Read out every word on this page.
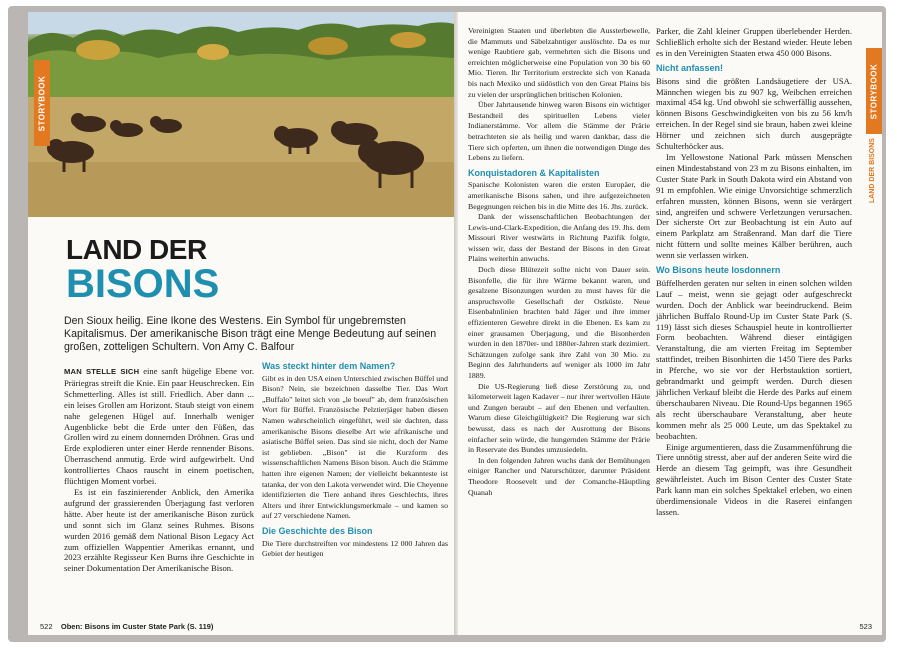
STORYBOOK
LAND DER
BISONS
Den Sioux heilig. Eine Ikone des Westens. Ein Symbol für ungebremsten Kapitalismus. Der amerikanische Bison trägt eine Menge Bedeutung auf seinen großen, zotteligen Schultern. Von Amy C. Balfour

MAN STELLE SICH eine sanft hügelige Ebene vor. Präriegras streift die Knie. Ein paar Heuschrecken. Ein Schmetterling. Alles ist still. Friedlich. Aber dann ... ein leises Grollen am Horizont. Staub steigt von einem nahe gelegenen Hügel auf. Innerhalb weniger Augenblicke bebt die Erde unter den Füßen, das Grollen wird zu einem donnernden Dröhnen. Gras und Erde explodieren unter einer Herde rennender Bisons. Überraschend anmutig. Erde wird aufgewirbelt. Und kontrolliertes Chaos rauscht in einem poetischen, flüchtigen Moment vorbei.

Es ist ein faszinierender Anblick, den Amerika aufgrund der grassierenden Überjagung fast verloren hätte. Aber heute ist der amerikanische Bison zurück und sonnt sich im Glanz seines Ruhmes. Bisons wurden 2016 gemäß dem National Bison Legacy Act zum offiziellen Wappentier Amerikas ernannt, und 2023 erzählte Regisseur Ken Burns ihre Geschichte in seiner Dokumentation Der Amerikanische Bison.

Was steckt hinter dem Namen?

Gibt es in den USA einen Unterschied zwischen Büffel und Bison? Nein, sie bezeichnen dasselbe Tier. Das Wort „Buffalo" leitet sich von „le boeuf" ab, dem französischen Wort für Büffel. Französische Pelztierjäger haben diesen Namen wahrscheinlich eingeführt, weil sie dachten, dass amerikanische Bisons dieselbe Art wie afrikanische und asiatische Büffel seien. Das sind sie nicht, doch der Name ist geblieben. „Bison" ist die Kurzform des wissenschaftlichen Namens Bison bison. Auch die Stämme hatten ihre eigenen Namen; der vielleicht bekannteste ist tatanka, der von den Lakota verwendet wird. Die Cheyenne identifizierten die Tiere anhand ihres Geschlechts, ihres Alters und ihrer Entwicklungsmerkmale – und kamen so auf 27 verschiedene Namen.

Die Geschichte des Bison

Die Tiere durchstreiften vor mindestens 12 000 Jahren das Gebiet der heutigen

522 Oben: Bisons im Custer State Park (S. 119)
STORYBOOK
LAND DER BISONS

Vereinigten Staaten und überlebten die Aussterbewelle, die Mammuts und Säbelzahntiger auslöschte. Da es nur wenige Raubtiere gab, vermehrten sich die Bisons und erreichten möglicherweise eine Population von 30 bis 60 Mio. Tieren. Ihr Territorium erstreckte sich von Kanada bis nach Mexiko und südöstlich von den Great Plains bis zu vielen der ursprünglichen britischen Kolonien.

Über Jahrtausende hinweg waren Bisons ein wichtiger Bestandteil des spirituellen Lebens vieler Indianerstämme. Vor allem die Stämme der Prärie betrachteten sie als heilig und waren dankbar, dass die Tiere sich opferten, um ihnen die notwendigen Dinge des Lebens zu liefern.

Konquistadoren & Kapitalisten

Spanische Kolonisten waren die ersten Europäer, die amerikanische Bisons sahen, und ihre aufgezeichneten Begegnungen reichen bis in die Mitte des 16. Jhs. zurück.

Dank der wissenschaftlichen Beobachtungen der Lewis-und-Clark-Expedition, die Anfang des 19. Jhs. dem Missouri River westwärts in Richtung Pazifik folgte, wissen wir, dass der Bestand der Bisons in den Great Plains weiterhin anwuchs.

Doch diese Blütezeit sollte nicht von Dauer sein. Bisonfelle, die für ihre Wärme bekannt waren, und gesalzene Bisonzungen wurden zu must haves für die anspruchsvolle Gesellschaft der Ostküste. Neue Eisenbahnlinien brachten bald Jäger und ihre immer effizienteren Gewehre direkt in die Ebenen. Es kam zu einer grausamen Überjagung, und die Bisonherden wurden in den 1870er- und 1880er-Jahren stark dezimiert. Schätzungen zufolge sank ihre Zahl von 30 Mio. zu Beginn des Jahrhunderts auf weniger als 1000 im Jahr 1889.

Die US-Regierung ließ diese Zerstörung zu, und kilometerweit lagen Kadaver – nur ihrer wertvollen Häute und Zungen beraubt – auf den Ebenen und verfaulten. Warum diese Gleichgültigkeit? Die Regierung war sich bewusst, dass es nach der Ausrottung der Bisons einfacher sein würde, die hungernden Stämme der Prärie in Reservate des Bundes umzusiedeln.

In den folgenden Jahren wuchs dank der Bemühungen einiger Rancher und Naturschützer, darunter Präsident Theodore Roosevelt und der Comanche-Häuptling Quanah

Parker, die Zahl kleiner Gruppen überlebender Herden. Schließlich erholte sich der Bestand wieder. Heute leben es in den Vereinigten Staaten etwa 450 000 Bisons.

Nicht anfassen!

Bisons sind die größten Landsäugetiere der USA. Männchen wiegen bis zu 907 kg, Weibchen erreichen maximal 454 kg. Und obwohl sie schwerfällig aussehen, können Bisons Geschwindigkeiten von bis zu 56 km/h erreichen. In der Regel sind sie braun, haben zwei kleine Hörner und zeichnen sich durch ausgeprägte Schulterhöcker aus.

Im Yellowstone National Park müssen Menschen einen Mindestabstand von 23 m zu Bisons einhalten, im Custer State Park in South Dakota wird ein Abstand von 91 m empfohlen. Wie einige Unvorsichtige schmerzlich erfahren mussten, können Bisons, wenn sie verärgert sind, angreifen und schwere Verletzungen verursachen. Der sicherste Ort zur Beobachtung ist ein Auto auf einem Parkplatz am Straßenrand. Man darf die Tiere nicht füttern und sollte meines Kälber berühren, auch wenn sie verlassen wirken.

Wo Bisons heute losdonnern

Büffelherden geraten nur selten in einen solchen wilden Lauf – meist, wenn sie gejagt oder aufgeschreckt wurden. Doch der Anblick war beeindruckend. Beim jährlichen Buffalo Round-Up im Custer State Park (S. 119) lässt sich dieses Schauspiel heute in kontrollierter Form beobachten. Während dieser eintägigen Veranstaltung, die am vierten Freitag im September stattfindet, treiben Bisonhirten die 1450 Tiere des Parks in Pferche, wo sie vor der Herbstauktion sortiert, gebrandmarkt und geimpft werden. Durch diesen jährlichen Verkauf bleibt die Herde des Parks auf einem überschaubaren Niveau. Die Round-Ups begannen 1965 als recht überschaubare Veranstaltung, aber heute kommen mehr als 25 000 Leute, um das Spektakel zu beobachten.

Einige argumentieren, dass die Zusammenführung die Tiere unnötig stresst, aber auf der anderen Seite wird die Herde an diesem Tag geimpft, was ihre Gesundheit gewährleistet. Auch im Bison Center des Custer State Park kann man ein solches Spektakel erleben, wo einen überdimensionale Videos in die Raserei einfangen lassen.

523
